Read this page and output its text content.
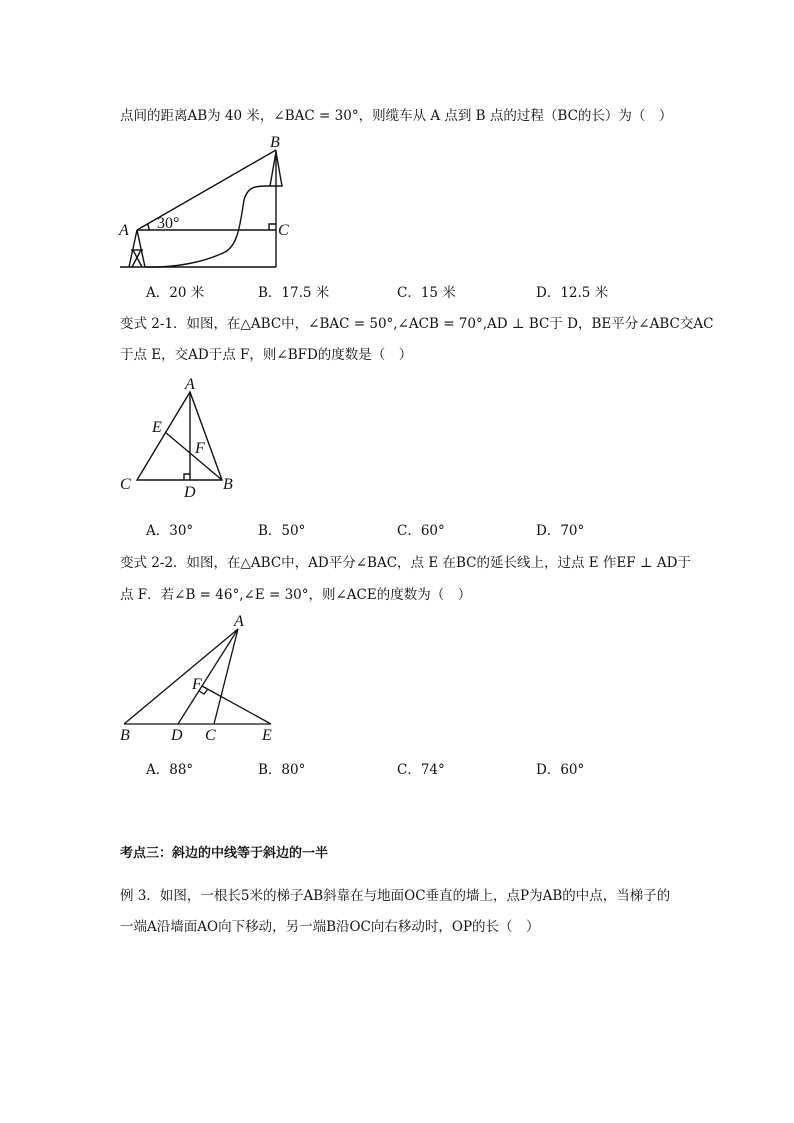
点间的距离AB为 40 米，∠BAC = 30°，则缆车从 A 点到 B 点的过程（BC的长）为（　）
A
B
C
30°
A．20 米	B．17.5 米	C．15 米	D．12.5 米
变式 2-1．如图，在△ABC中，∠BAC = 50°,∠ACB = 70°,AD ⊥ BC于 D，BE平分∠ABC交AC
于点 E，交AD于点 F，则∠BFD的度数是（　）
A
E
F
C	D B
A．30°	B．50°	C．60°	D．70°
变式 2-2．如图，在△ABC中，AD平分∠BAC，点 E 在BC的延长线上，过点 E 作EF ⊥ AD于
点 F．若∠B = 46°,∠E = 30°，则∠ACE的度数为（　）
A
F
B	D C	E
A．88°	B．80°	C．74°	D．60°
考点三：斜边的中线等于斜边的一半
例 3．如图，一根长5米的梯子AB斜靠在与地面OC垂直的墙上，点P为AB的中点，当梯子的
一端A沿墙面AO向下移动，另一端B沿OC向右移动时，OP的长（　）
